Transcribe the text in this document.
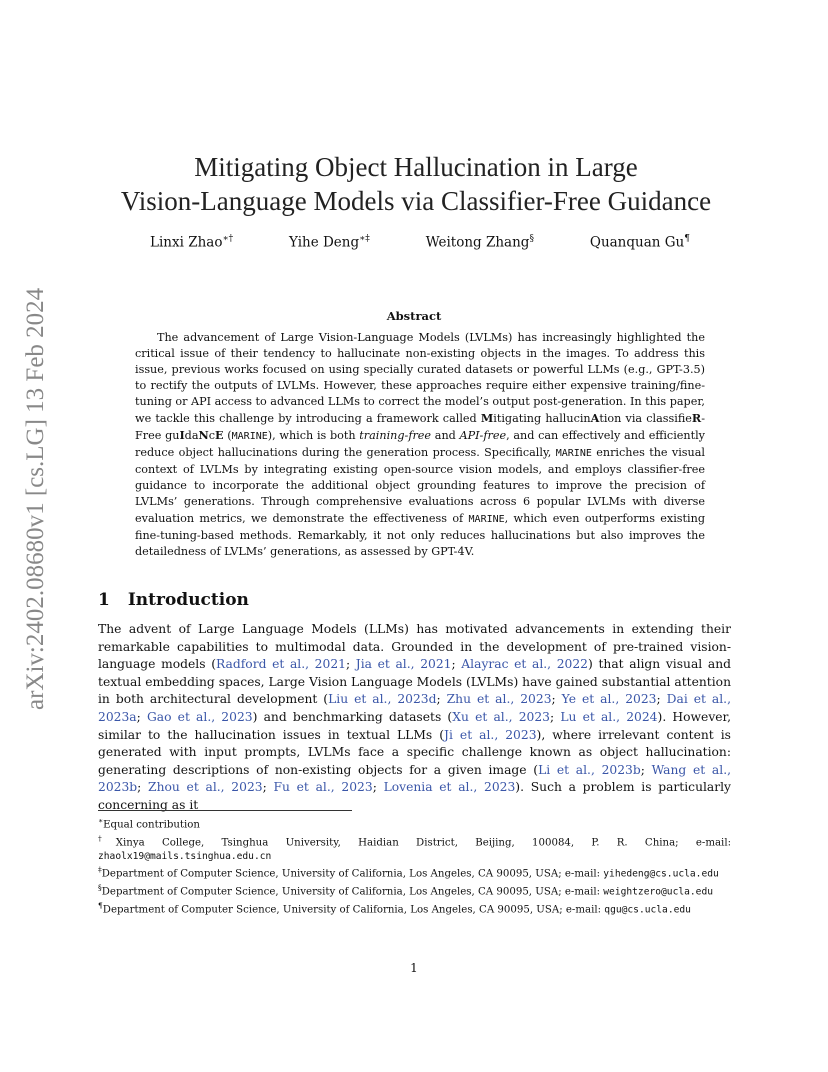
arXiv:2402.08680v1 [cs.LG] 13 Feb 2024
Mitigating Object Hallucination in Large
Vision-Language Models via Classifier-Free Guidance
Linxi Zhao∗†	Yihe Deng∗‡	Weitong Zhang§	Quanquan Gu¶
Abstract

The advancement of Large Vision-Language Models (LVLMs) has increasingly highlighted the critical issue of their tendency to hallucinate non-existing objects in the images. To address this issue, previous works focused on using specially curated datasets or powerful LLMs (e.g., GPT-3.5) to rectify the outputs of LVLMs. However, these approaches require either expensive training/fine-tuning or API access to advanced LLMs to correct the model’s output post-generation. In this paper, we tackle this challenge by introducing a framework called Mitigating hallucinAtion via classifieR-Free guIdaNcE (MARINE), which is both training-free and API-free, and can effectively and efficiently reduce object hallucinations during the generation process. Specifically, MARINE enriches the visual context of LVLMs by integrating existing open-source vision models, and employs classifier-free guidance to incorporate the additional object grounding features to improve the precision of LVLMs’ generations. Through comprehensive evaluations across 6 popular LVLMs with diverse evaluation metrics, we demonstrate the effectiveness of MARINE, which even outperforms existing fine-tuning-based methods. Remarkably, it not only reduces hallucinations but also improves the detailedness of LVLMs’ generations, as assessed by GPT-4V.

1 Introduction

The advent of Large Language Models (LLMs) has motivated advancements in extending their remarkable capabilities to multimodal data. Grounded in the development of pre-trained vision-language models (Radford et al., 2021; Jia et al., 2021; Alayrac et al., 2022) that align visual and textual embedding spaces, Large Vision Language Models (LVLMs) have gained substantial attention in both architectural development (Liu et al., 2023d; Zhu et al., 2023; Ye et al., 2023; Dai et al., 2023a; Gao et al., 2023) and benchmarking datasets (Xu et al., 2023; Lu et al., 2024). However, similar to the hallucination issues in textual LLMs (Ji et al., 2023), where irrelevant content is generated with input prompts, LVLMs face a specific challenge known as object hallucination: generating descriptions of non-existing objects for a given image (Li et al., 2023b; Wang et al., 2023b; Zhou et al., 2023; Fu et al., 2023; Lovenia et al., 2023). Such a problem is particularly concerning as it

∗Equal contribution

†Xinya College, Tsinghua University, Haidian District, Beijing, 100084, P. R. China; e-mail: zhaolx19@mails.tsinghua.edu.cn

‡Department of Computer Science, University of California, Los Angeles, CA 90095, USA; e-mail: yihedeng@cs.ucla.edu

§Department of Computer Science, University of California, Los Angeles, CA 90095, USA; e-mail: weightzero@ucla.edu

¶Department of Computer Science, University of California, Los Angeles, CA 90095, USA; e-mail: qgu@cs.ucla.edu

1
